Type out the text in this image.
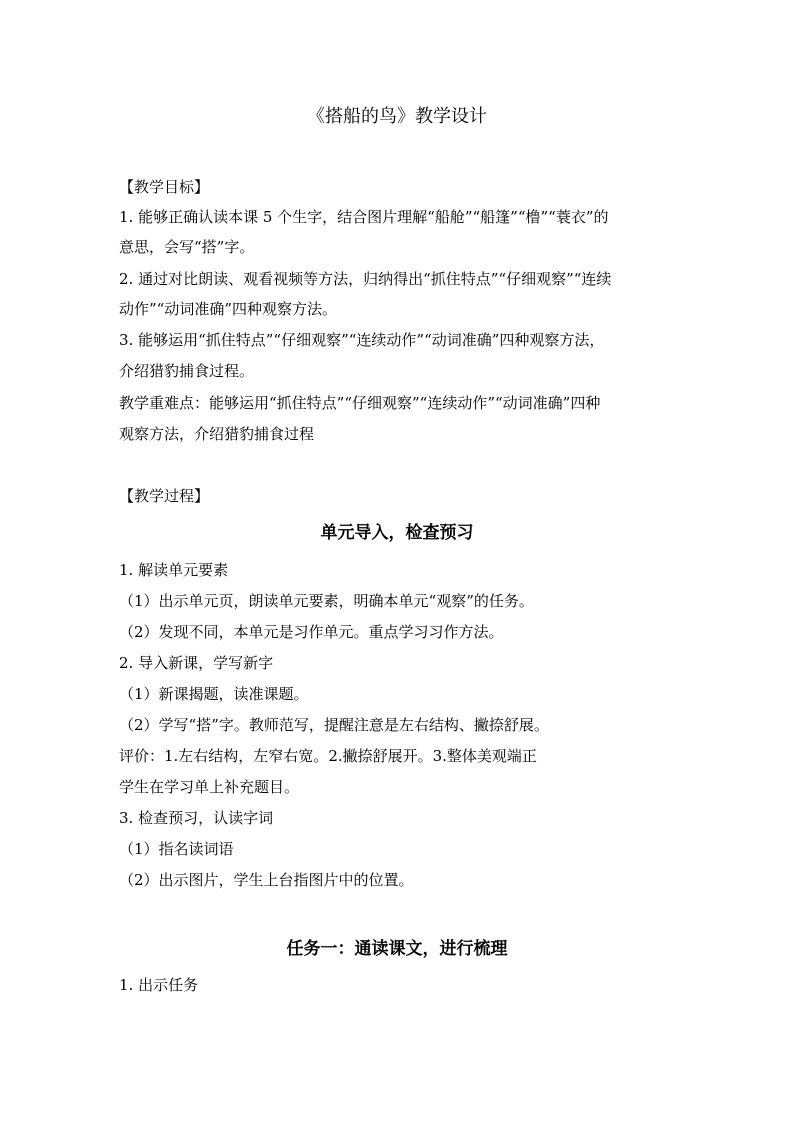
《搭船的鸟》教学设计
【教学目标】
1. 能够正确认读本课 5 个生字，结合图片理解“船舱”“船篷”“橹”“蓑衣”的
意思，会写“搭”字。
2. 通过对比朗读、观看视频等方法，归纳得出“抓住特点”“仔细观察”“连续
动作”“动词准确”四种观察方法。
3. 能够运用“抓住特点”“仔细观察”“连续动作”“动词准确”四种观察方法，
介绍猎豹捕食过程。
教学重难点：能够运用“抓住特点”“仔细观察”“连续动作”“动词准确”四种
观察方法，介绍猎豹捕食过程
【教学过程】
单元导入，检查预习
1. 解读单元要素
（1）出示单元页，朗读单元要素，明确本单元“观察”的任务。
（2）发现不同，本单元是习作单元。重点学习习作方法。
2. 导入新课，学写新字
（1）新课揭题，读准课题。
（2）学写“搭”字。教师范写，提醒注意是左右结构、撇捺舒展。
评价：1.左右结构，左窄右宽。2.撇捺舒展开。3.整体美观端正
学生在学习单上补充题目。
3. 检查预习，认读字词
（1）指名读词语
（2）出示图片，学生上台指图片中的位置。
任务一：通读课文，进行梳理
1. 出示任务
